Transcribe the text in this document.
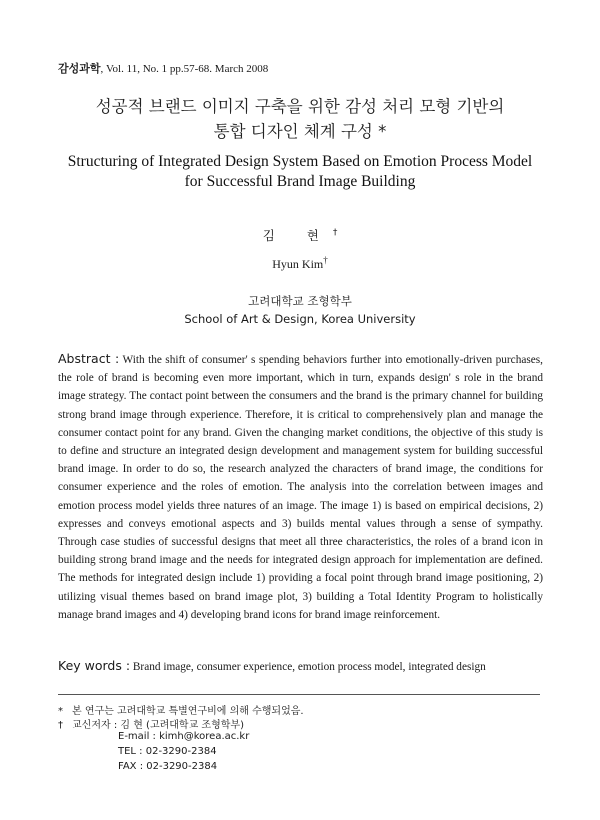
감성과학, Vol. 11, No. 1 pp.57-68. March 2008
성공적 브랜드 이미지 구축을 위한 감성 처리 모형 기반의
통합 디자인 체계 구성 *
Structuring of Integrated Design System Based on Emotion Process Model
for Successful Brand Image Building
김 현†
Hyun Kim†
고려대학교 조형학부
School of Art & Design, Korea University

Abstract : With the shift of consumer' s spending behaviors further into emotionally-driven purchases, the role of brand is becoming even more important, which in turn, expands design' s role in the brand image strategy. The contact point between the consumers and the brand is the primary channel for building strong brand image through experience. Therefore, it is critical to comprehensively plan and manage the consumer contact point for any brand. Given the changing market conditions, the objective of this study is to define and structure an integrated design development and management system for building successful brand image. In order to do so, the research analyzed the characters of brand image, the conditions for consumer experience and the roles of emotion. The analysis into the correlation between images and emotion process model yields three natures of an image. The image 1) is based on empirical decisions, 2) expresses and conveys emotional aspects and 3) builds mental values through a sense of sympathy. Through case studies of successful designs that meet all three characteristics, the roles of a brand icon in building strong brand image and the needs for integrated design approach for implementation are defined. The methods for integrated design include 1) providing a focal point through brand image positioning, 2) utilizing visual themes based on brand image plot, 3) building a Total Identity Program to holistically manage brand images and 4) developing brand icons for brand image reinforcement.

Key words : Brand image, consumer experience, emotion process model, integrated design

* 본 연구는 고려대학교 특별연구비에 의해 수행되었음.
† 교신저자 : 김 현 (고려대학교 조형학부)
E-mail : kimh@korea.ac.kr
TEL : 02-3290-2384
FAX : 02-3290-2384
